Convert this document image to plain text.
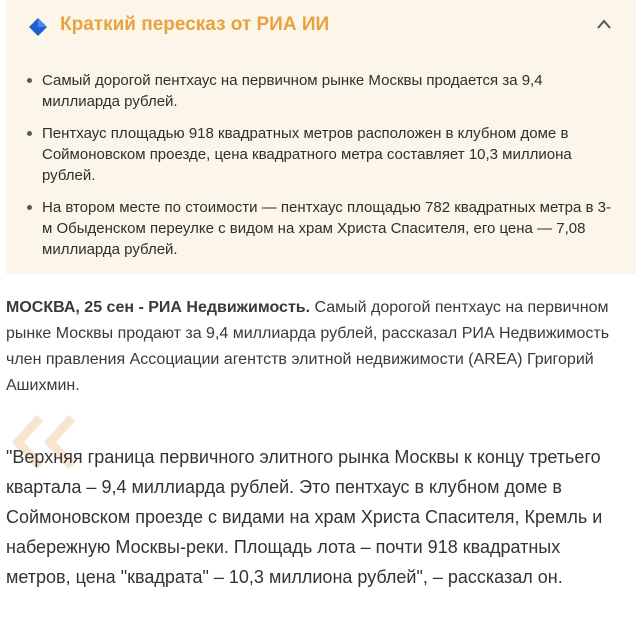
Краткий пересказ от РИА ИИ
Самый дорогой пентхаус на первичном рынке Москвы продается за 9,4 миллиарда рублей.
Пентхаус площадью 918 квадратных метров расположен в клубном доме в Соймоновском проезде, цена квадратного метра составляет 10,3 миллиона рублей.
На втором месте по стоимости — пентхаус площадью 782 квадратных метра в 3-м Обыденском переулке с видом на храм Христа Спасителя, его цена — 7,08 миллиарда рублей.

МОСКВА, 25 сен - РИА Недвижимость. Самый дорогой пентхаус на первичном рынке Москвы продают за 9,4 миллиарда рублей, рассказал РИА Недвижимость член правления Ассоциации агентств элитной недвижимости (AREA) Григорий Ашихмин.

"Верхняя граница первичного элитного рынка Москвы к концу третьего квартала – 9,4 миллиарда рублей. Это пентхаус в клубном доме в Соймоновском проезде с видами на храм Христа Спасителя, Кремль и набережную Москвы-реки. Площадь лота – почти 918 квадратных метров, цена "квадрата" – 10,3 миллиона рублей", – рассказал он.
